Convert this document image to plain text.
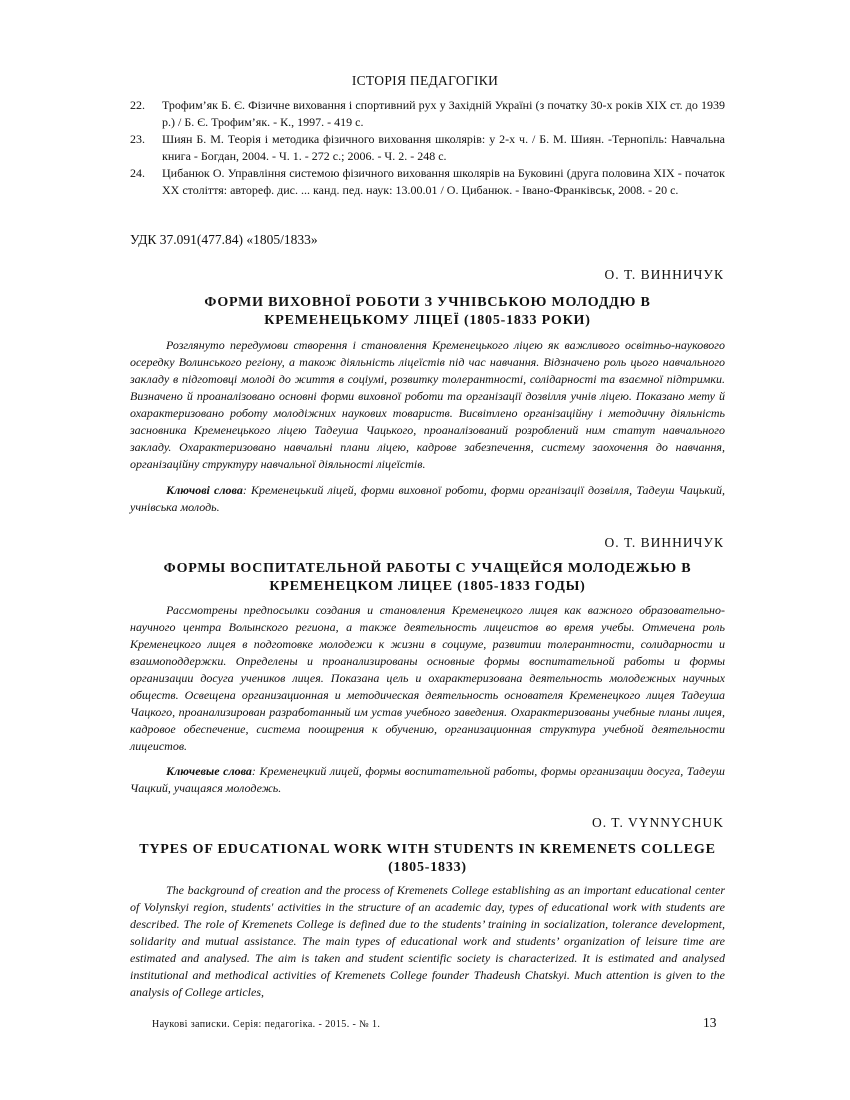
ІСТОРІЯ ПЕДАГОГІКИ
22.	Трофим’як Б. Є. Фізичне виховання і спортивний рух у Західній Україні (з початку 30-х років XIX ст. до 1939 р.) / Б. Є. Трофим’як. - К., 1997. - 419 с.
23.	Шиян Б. М. Теорія і методика фізичного виховання школярів: у 2-х ч. / Б. М. Шиян. -Тернопіль: Навчальна книга - Богдан, 2004. - Ч. 1. - 272 с.; 2006. - Ч. 2. - 248 с.
24.	Цибанюк О. Управління системою фізичного виховання школярів на Буковині (друга половина XIX - початок XX століття: автореф. дис. ... канд. пед. наук: 13.00.01 / О. Цибанюк. - Івано-Франківськ, 2008. - 20 с.
УДК 37.091(477.84) «1805/1833»
О. Т. ВИННИЧУК
ФОРМИ ВИХОВНОЇ РОБОТИ З УЧНІВСЬКОЮ МОЛОДДЮ В КРЕМЕНЕЦЬКОМУ ЛІЦЕЇ (1805-1833 РОКИ)

Розглянуто передумови створення і становлення Кременецького ліцею як важливого освітньо-наукового осередку Волинського регіону, а також діяльність ліцеїстів під час навчання. Відзначено роль цього навчального закладу в підготовці молоді до життя в соціумі, розвитку толерантності, солідарності та взаємної підтримки. Визначено й проаналізовано основні форми виховної роботи та організації дозвілля учнів ліцею. Показано мету й охарактеризовано роботу молодіжних наукових товариств. Висвітлено організаційну і методичну діяльність засновника Кременецького ліцею Тадеуша Чацького, проаналізований розроблений ним статут навчального закладу. Охарактеризовано навчальні плани ліцею, кадрове забезпечення, систему заохочення до навчання, організаційну структуру навчальної діяльності ліцеїстів.

Ключові слова: Кременецький ліцей, форми виховної роботи, форми організації дозвілля, Тадеуш Чацький, учнівська молодь.

О. Т. ВИННИЧУК
ФОРМЫ ВОСПИТАТЕЛЬНОЙ РАБОТЫ С УЧАЩЕЙСЯ МОЛОДЕЖЬЮ В КРЕМЕНЕЦКОМ ЛИЦЕЕ (1805-1833 ГОДЫ)

Рассмотрены предпосылки создания и становления Кременецкого лицея как важного образовательно-научного центра Волынского региона, а также деятельность лицеистов во время учебы. Отмечена роль Кременецкого лицея в подготовке молодежи к жизни в социуме, развитии толерантности, солидарности и взаимоподдержки. Определены и проанализированы основные формы воспитательной работы и формы организации досуга учеников лицея. Показана цель и охарактеризована деятельность молодежных научных обществ. Освещена организационная и методическая деятельность основателя Кременецкого лицея Тадеуша Чацкого, проанализирован разработанный им устав учебного заведения. Охарактеризованы учебные планы лицея, кадровое обеспечение, система поощрения к обучению, организационная структура учебной деятельности лицеистов.

Ключевые слова: Кременецкий лицей, формы воспитательной работы, формы организации досуга, Тадеуш Чацкий, учащаяся молодежь.

O. T. VYNNYCHUK
TYPES OF EDUCATIONAL WORK WITH STUDENTS IN KREMENETS COLLEGE (1805-1833)

The background of creation and the process of Kremenets College establishing as an important educational center of Volynskyi region, students' activities in the structure of an academic day, types of educational work with students are described. The role of Kremenets College is defined due to the students’ training in socialization, tolerance development, solidarity and mutual assistance. The main types of educational work and students’ organization of leisure time are estimated and analysed. The aim is taken and student scientific society is characterized. It is estimated and analysed institutional and methodical activities of Kremenets College founder Thadeush Chatskyi. Much attention is given to the analysis of College articles,

Наукові записки. Серія: педагогіка. - 2015. - № 1.	13
